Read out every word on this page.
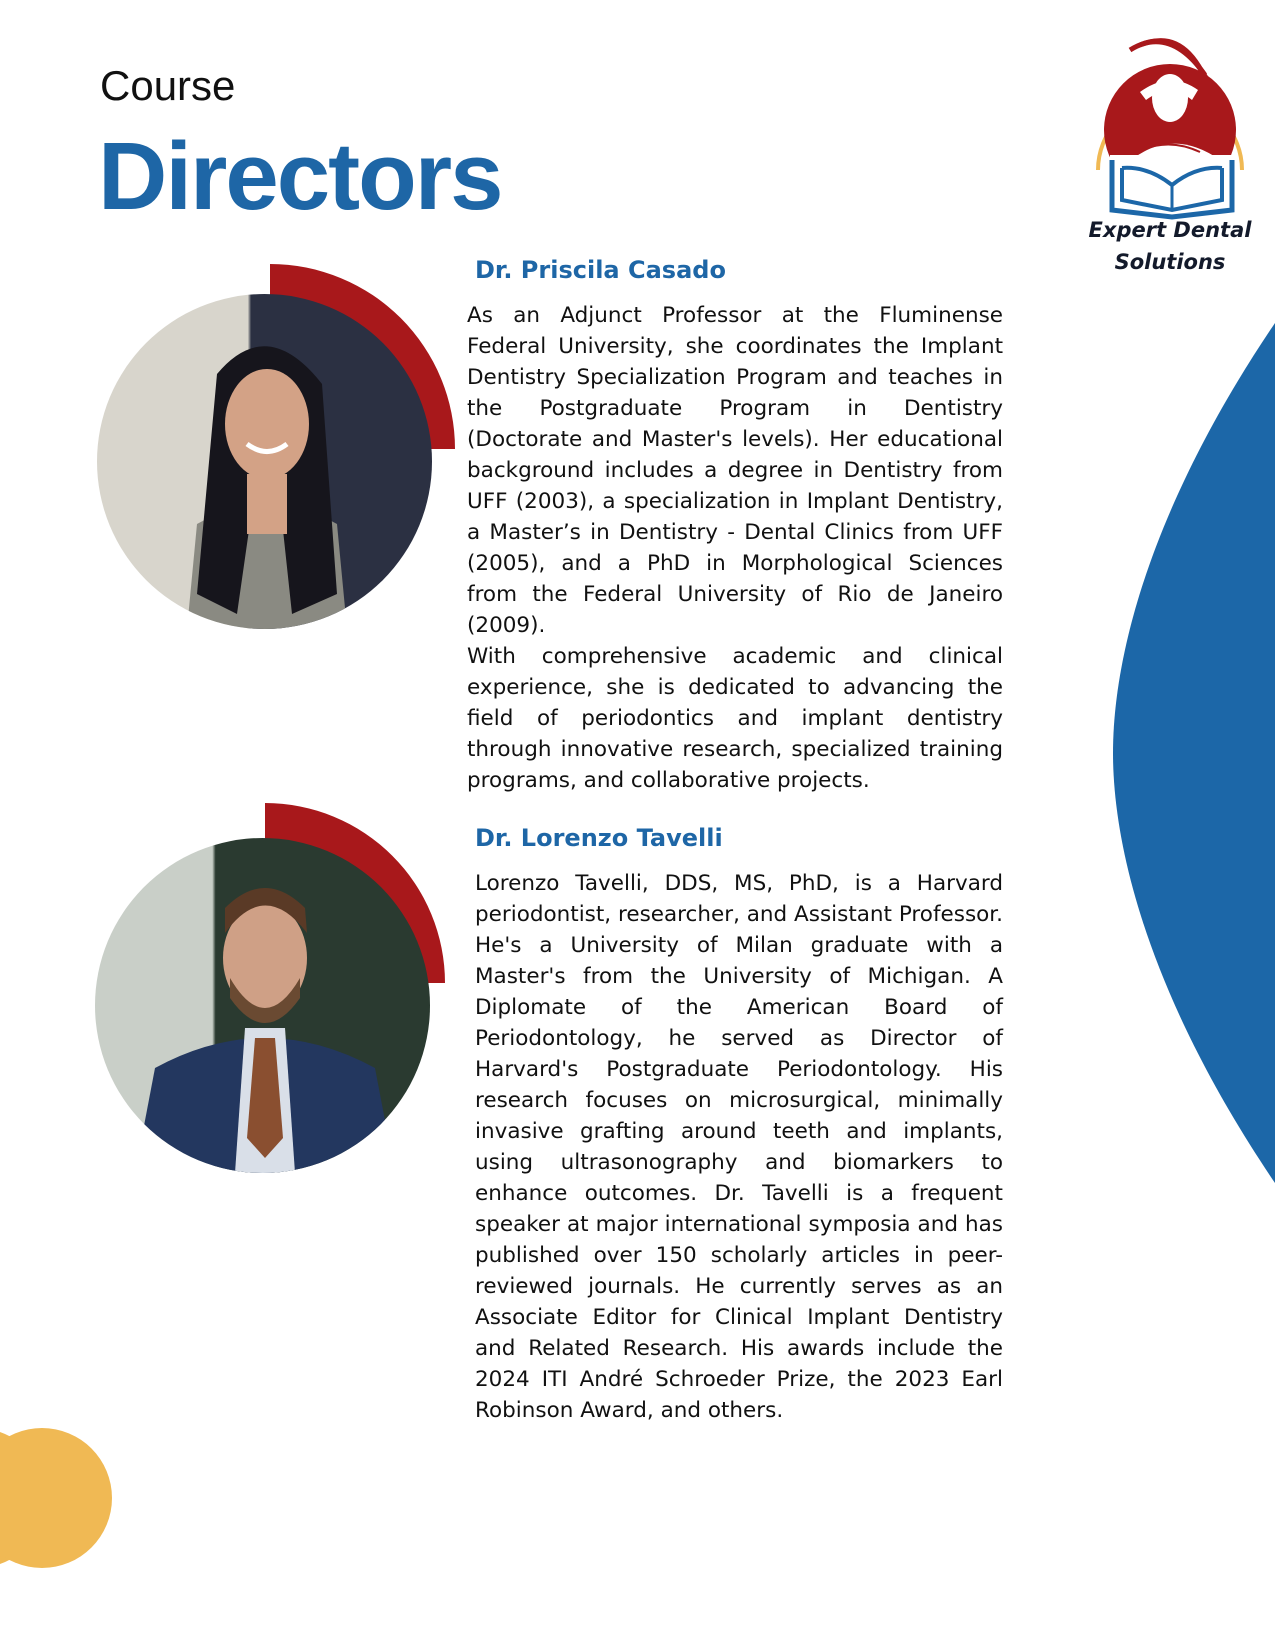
Course
Directors	Expert Dental
Solutions
Dr. Priscila Casado

As an Adjunct Professor at the Fluminense Federal University, she coordinates the Implant Dentistry Specialization Program and teaches in the Postgraduate Program in Dentistry (Doctorate and Master's levels). Her educational background includes a degree in Dentistry from UFF (2003), a specialization in Implant Dentistry, a Master’s in Dentistry - Dental Clinics from UFF (2005), and a PhD in Morphological Sciences from the Federal University of Rio de Janeiro (2009).

With comprehensive academic and clinical experience, she is dedicated to advancing the field of periodontics and implant dentistry through innovative research, specialized training programs, and collaborative projects.

Dr. Lorenzo Tavelli

Lorenzo Tavelli, DDS, MS, PhD, is a Harvard periodontist, researcher, and Assistant Professor. He's a University of Milan graduate with a Master's from the University of Michigan. A Diplomate of the American Board of Periodontology, he served as Director of Harvard's Postgraduate Periodontology. His research focuses on microsurgical, minimally invasive grafting around teeth and implants, using ultrasonography and biomarkers to enhance outcomes. Dr. Tavelli is a frequent speaker at major international symposia and has published over 150 scholarly articles in peer-reviewed journals. He currently serves as an Associate Editor for Clinical Implant Dentistry and Related Research. His awards include the 2024 ITI André Schroeder Prize, the 2023 Earl Robinson Award, and others.
